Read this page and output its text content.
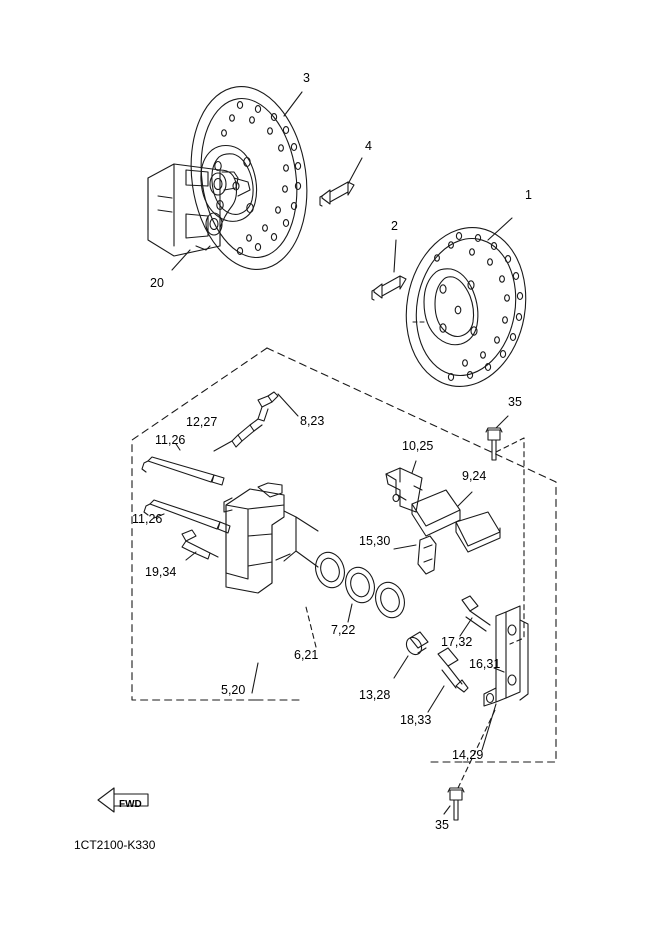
3
4
1
2
20
8,23
12,27
35
10,25
11,26
9,24
11,26
15,30
19,34
7,22
17,32
6,21
16,31
5,20	13,28
18,33
14,29
35
FWD
1CT2100-K330
